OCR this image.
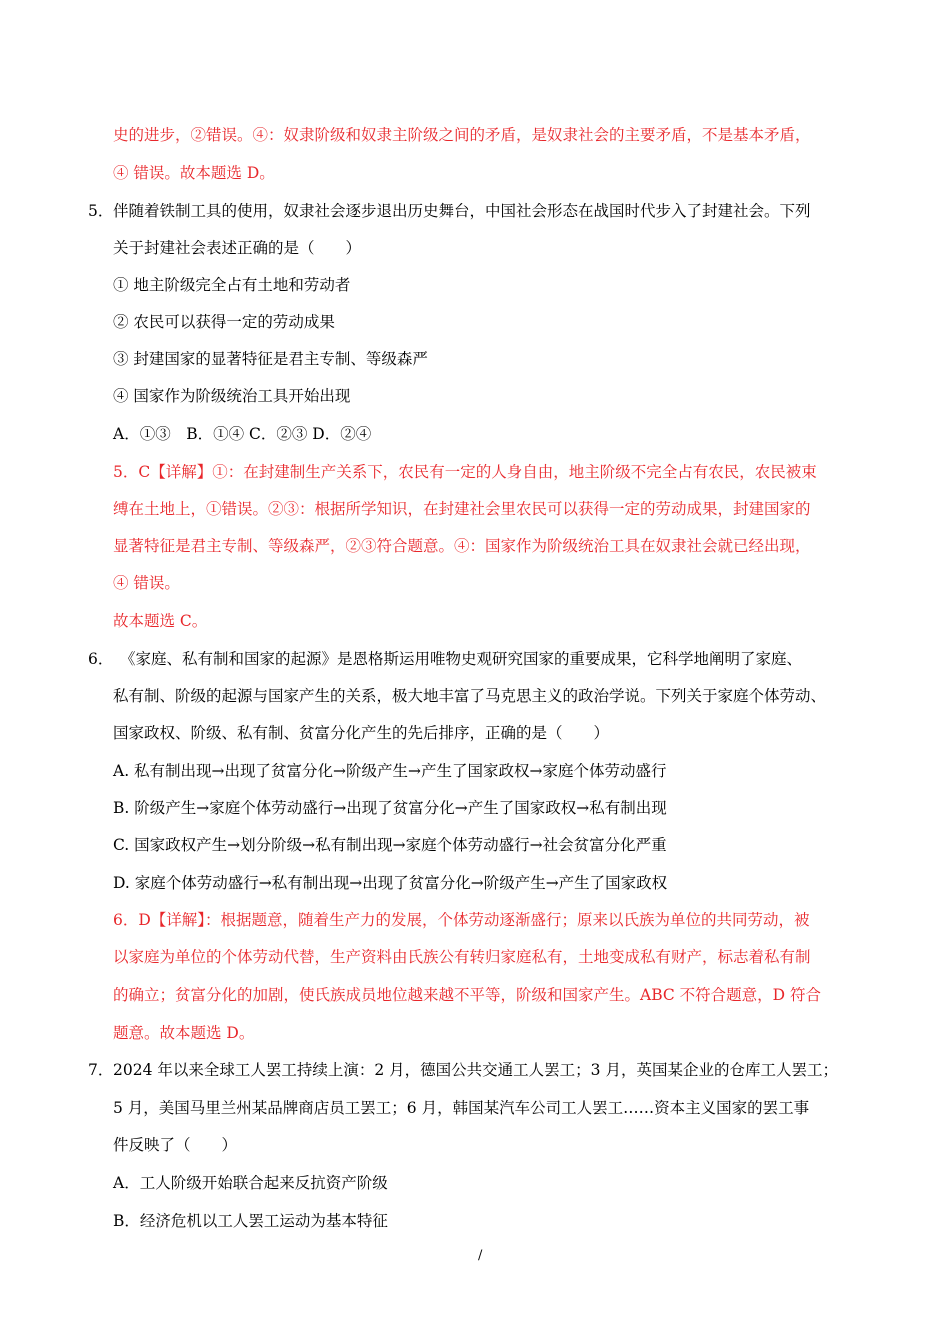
史的进步，②错误。④：奴隶阶级和奴隶主阶级之间的矛盾，是奴隶社会的主要矛盾，不是基本矛盾，
④ 错误。故本题选 D。
5． 伴随着铁制工具的使用，奴隶社会逐步退出历史舞台，中国社会形态在战国时代步入了封建社会。下列
关于封建社会表述正确的是（　　）
① 地主阶级完全占有土地和劳动者
② 农民可以获得一定的劳动成果
③ 封建国家的显著特征是君主专制、等级森严
④ 国家作为阶级统治工具开始出现
A．①③　B．①④ C．②③ D．②④
5．C【详解】①：在封建制生产关系下，农民有一定的人身自由，地主阶级不完全占有农民，农民被束
缚在土地上，①错误。②③：根据所学知识，在封建社会里农民可以获得一定的劳动成果，封建国家的
显著特征是君主专制、等级森严，②③符合题意。④：国家作为阶级统治工具在奴隶社会就已经出现，
④ 错误。
故本题选 C。
6． 《家庭、私有制和国家的起源》是恩格斯运用唯物史观研究国家的重要成果，它科学地阐明了家庭、
私有制、阶级的起源与国家产生的关系，极大地丰富了马克思主义的政治学说。下列关于家庭个体劳动、
国家政权、阶级、私有制、贫富分化产生的先后排序，正确的是（　　）
A. 私有制出现→出现了贫富分化→阶级产生→产生了国家政权→家庭个体劳动盛行
B. 阶级产生→家庭个体劳动盛行→出现了贫富分化→产生了国家政权→私有制出现
C. 国家政权产生→划分阶级→私有制出现→家庭个体劳动盛行→社会贫富分化严重
D. 家庭个体劳动盛行→私有制出现→出现了贫富分化→阶级产生→产生了国家政权
6．D【详解】：根据题意，随着生产力的发展，个体劳动逐渐盛行；原来以氏族为单位的共同劳动，被
以家庭为单位的个体劳动代替，生产资料由氏族公有转归家庭私有，土地变成私有财产，标志着私有制
的确立；贫富分化的加剧，使氏族成员地位越来越不平等，阶级和国家产生。ABC 不符合题意，D 符合
题意。故本题选 D。
7． 2024 年以来全球工人罢工持续上演：2 月，德国公共交通工人罢工；3 月，英国某企业的仓库工人罢工；
5 月，美国马里兰州某品牌商店员工罢工；6 月，韩国某汽车公司工人罢工……资本主义国家的罢工事
件反映了（　　）
A．工人阶级开始联合起来反抗资产阶级
B．经济危机以工人罢工运动为基本特征
/
